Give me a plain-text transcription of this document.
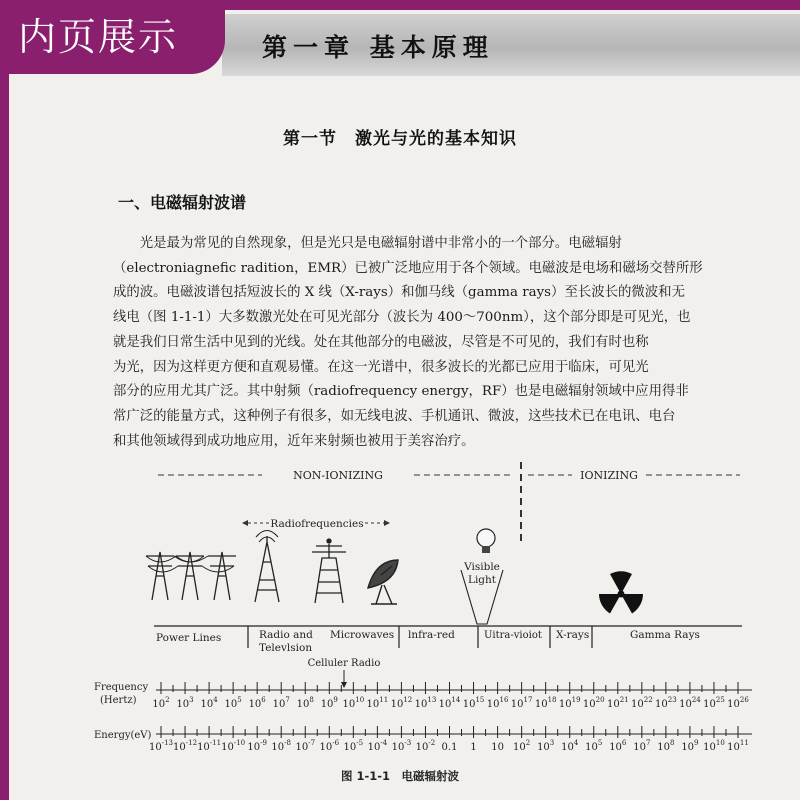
内页展示	第一章 基本原理
第一节　激光与光的基本知识
一、电磁辐射波谱
光是最为常见的自然现象，但是光只是电磁辐射谱中非常小的一个部分。电磁辐射
（electroniagnefic radition，EMR）已被广泛地应用于各个领域。电磁波是电场和磁场交替所形
成的波。电磁波谱包括短波长的 X 线（X-rays）和伽马线（gamma rays）至长波长的微波和无
线电（图 1-1-1）大多数激光处在可见光部分（波长为 400～700nm），这个部分即是可见光，也
就是我们日常生活中见到的光线。处在其他部分的电磁波，尽管是不可见的，我们有时也称
为光，因为这样更方便和直观易懂。在这一光谱中，很多波长的光都已应用于临床，可见光
部分的应用尤其广泛。其中射频（radiofrequency energy，RF）也是电磁辐射领域中应用得非
常广泛的能量方式，这种例子有很多，如无线电波、手机通讯、微波，这些技术已在电讯、电台
和其他领域得到成功地应用，近年来射频也被用于美容治疗。
NON-IONIZING	IONIZING
Radiofrequencies
Visible
Light
Power Lines	Radio and
Televlsion
Microwaves lnfra-red	Uitra-vioiot X-rays	Gamma Rays
Celluler Radio
Frequency
(Hertz)
Energy(eV)
$10^2$ $10^3$ $10^4$ $10^5$ $10^6$ $10^7$ $10^8$ $10^9$ $10^{10}$ $10^{11}$ $10^{12}$ $10^{13}$ $10^{14}$ $10^{15}$ $10^{16}$ $10^{17}$ $10^{18}$ $10^{19}$ $10^{20}$ $10^{21}$ $10^{22}$ $10^{23}$ $10^{24}$ $10^{25}$ $10^{26}$
$10^{-13}$ $10^{-12}$ $10^{-11}$ $10^{-10}$ $10^{-9}$ $10^{-8}$ $10^{-7}$ $10^{-6}$ $10^{-5}$ $10^{-4}$ $10^{-3}$ $10^{-2}$ 0.1 1 10 $10^2$ $10^3$ $10^4$ $10^5$ $10^6$ $10^7$ $10^8$ $10^9$ $10^{10}$ $10^{11}$
图 1-1-1　电磁辐射波
